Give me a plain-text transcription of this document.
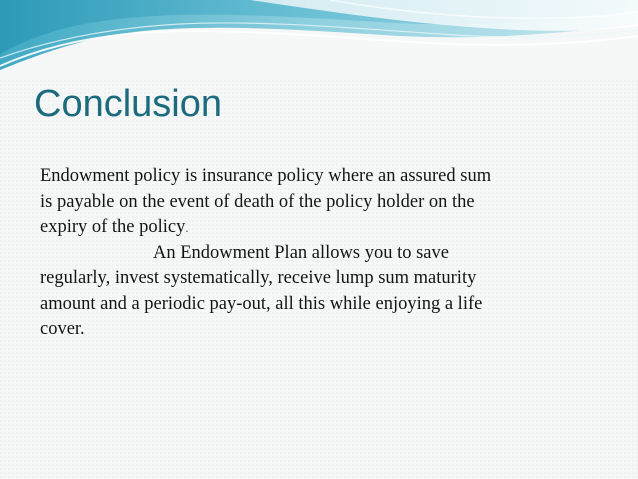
Conclusion
Endowment policy is insurance policy where an assured sum
is payable on the event of death of the policy holder on the
expiry of the policy.
An Endowment Plan allows you to save
regularly, invest systematically, receive lump sum maturity
amount and a periodic pay-out, all this while enjoying a life
cover.
